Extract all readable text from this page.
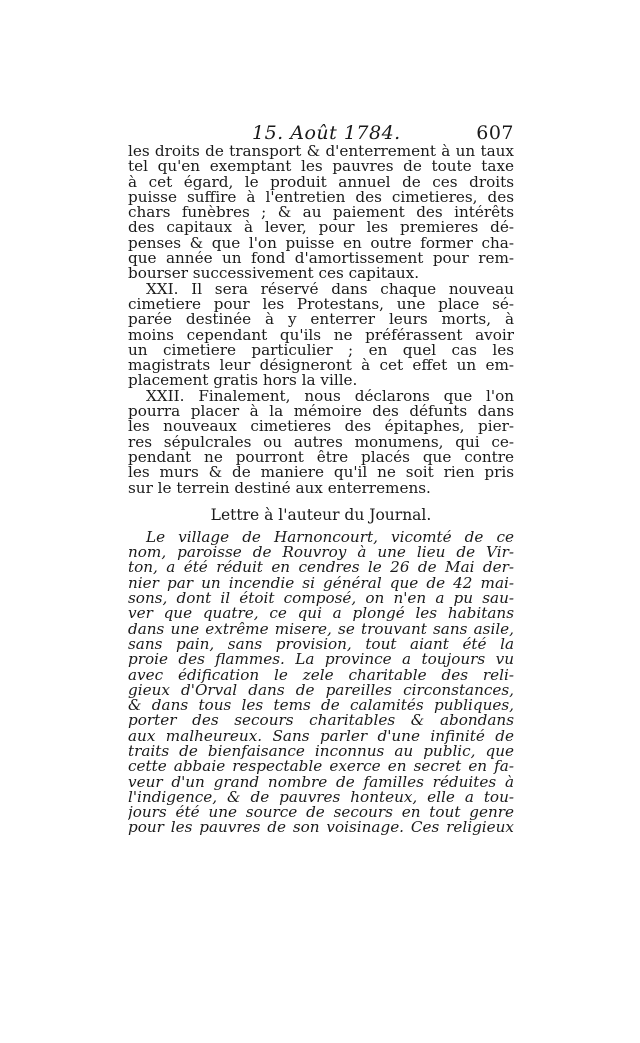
15. Août 1784.	607
les droits de transport & d'enterrement à un taux
tel qu'en exemptant les pauvres de toute taxe
à cet égard, le produit annuel de ces droits
puisse suffire à l'entretien des cimetieres, des
chars funèbres ; & au paiement des intérêts
des capitaux à lever, pour les premieres dé-
penses & que l'on puisse en outre former cha-
que année un fond d'amortissement pour rem-
bourser successivement ces capitaux.
XXI. Il sera réservé dans chaque nouveau
cimetiere pour les Protestans, une place sé-
parée destinée à y enterrer leurs morts, à
moins cependant qu'ils ne préférassent avoir
un cimetiere particulier ; en quel cas les
magistrats leur désigneront à cet effet un em-
placement gratis hors la ville.
XXII. Finalement, nous déclarons que l'on
pourra placer à la mémoire des défunts dans
les nouveaux cimetieres des épitaphes, pier-
res sépulcrales ou autres monumens, qui ce-
pendant ne pourront être placés que contre
les murs & de maniere qu'il ne soit rien pris
sur le terrein destiné aux enterremens.
Lettre à l'auteur du Journal.
Le village de Harnoncourt, vicomté de ce
nom, paroisse de Rouvroy à une lieu de Vir-
ton, a été réduit en cendres le 26 de Mai der-
nier par un incendie si général que de 42 mai-
sons, dont il étoit composé, on n'en a pu sau-
ver que quatre, ce qui a plongé les habitans
dans une extrême misere, se trouvant sans asile,
sans pain, sans provision, tout aiant été la
proie des flammes. La province a toujours vu
avec édification le zele charitable des reli-
gieux d'Orval dans de pareilles circonstances,
& dans tous les tems de calamités publiques,
porter des secours charitables & abondans
aux malheureux. Sans parler d'une infinité de
traits de bienfaisance inconnus au public, que
cette abbaie respectable exerce en secret en fa-
veur d'un grand nombre de familles réduites à
l'indigence, & de pauvres honteux, elle a tou-
jours été une source de secours en tout genre
pour les pauvres de son voisinage. Ces religieux
